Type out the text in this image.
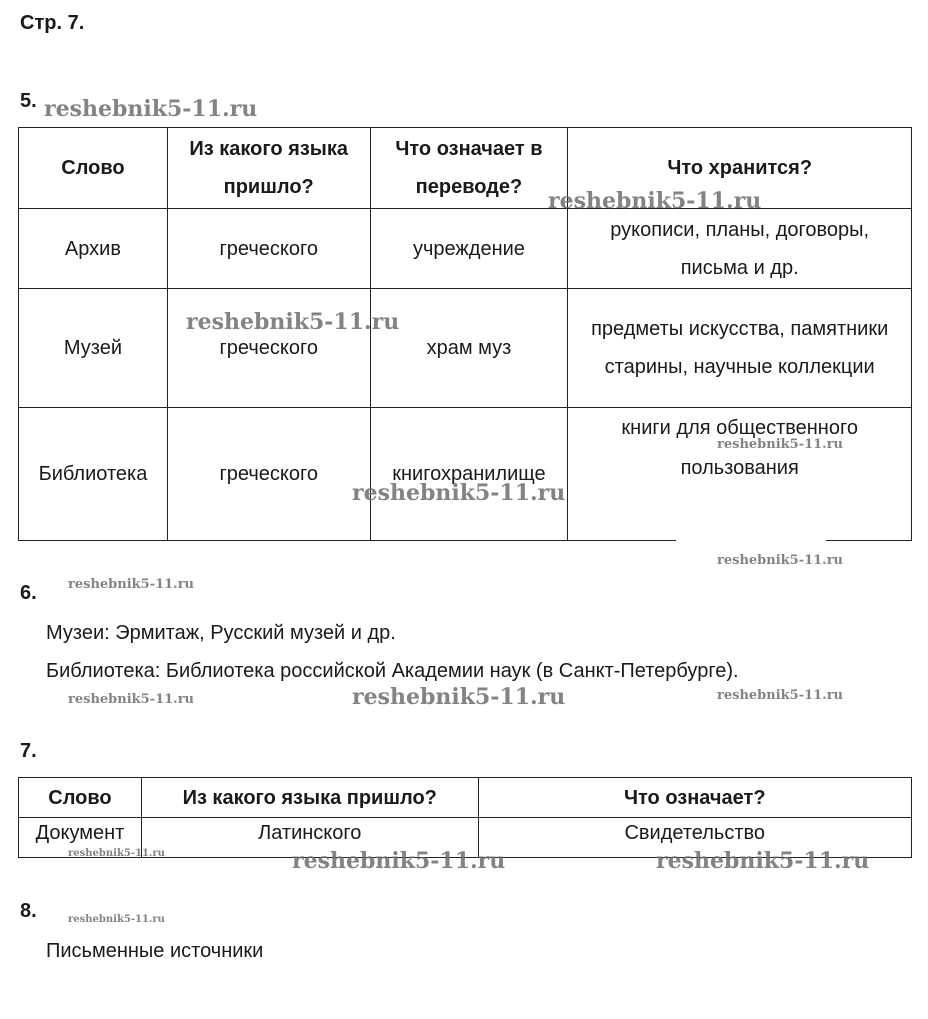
Стр. 7.
5.
Слово	Из какого языка пришло?	Что означает в переводе?	Что хранится?
Архив	греческого	учреждение	рукописи, планы, договоры, письма и др.
Музей	греческого	храм муз	предметы искусства, памятники старины, научные коллекции
Библиотека	греческого	книгохранилище	книги для общественного пользования
6.
Музеи: Эрмитаж, Русский музей и др.
Библиотека: Библиотека российской Академии наук (в Санкт-Петербурге).
7.
Слово	Из какого языка пришло?	Что означает?
Документ	Латинского	Свидетельство
8.
Письменные источники
reshebnik5-11.ru
reshebnik5-11.ru
reshebnik5-11.ru
reshebnik5-11.ru
reshebnik5-11.ru
reshebnik5-11.ru
reshebnik5-11.ru
reshebnik5-11.ru	reshebnik5-11.ru	reshebnik5-11.ru
reshebnik5-11.ru	reshebnik5-11.ru	reshebnik5-11.ru
reshebnik5-11.ru
